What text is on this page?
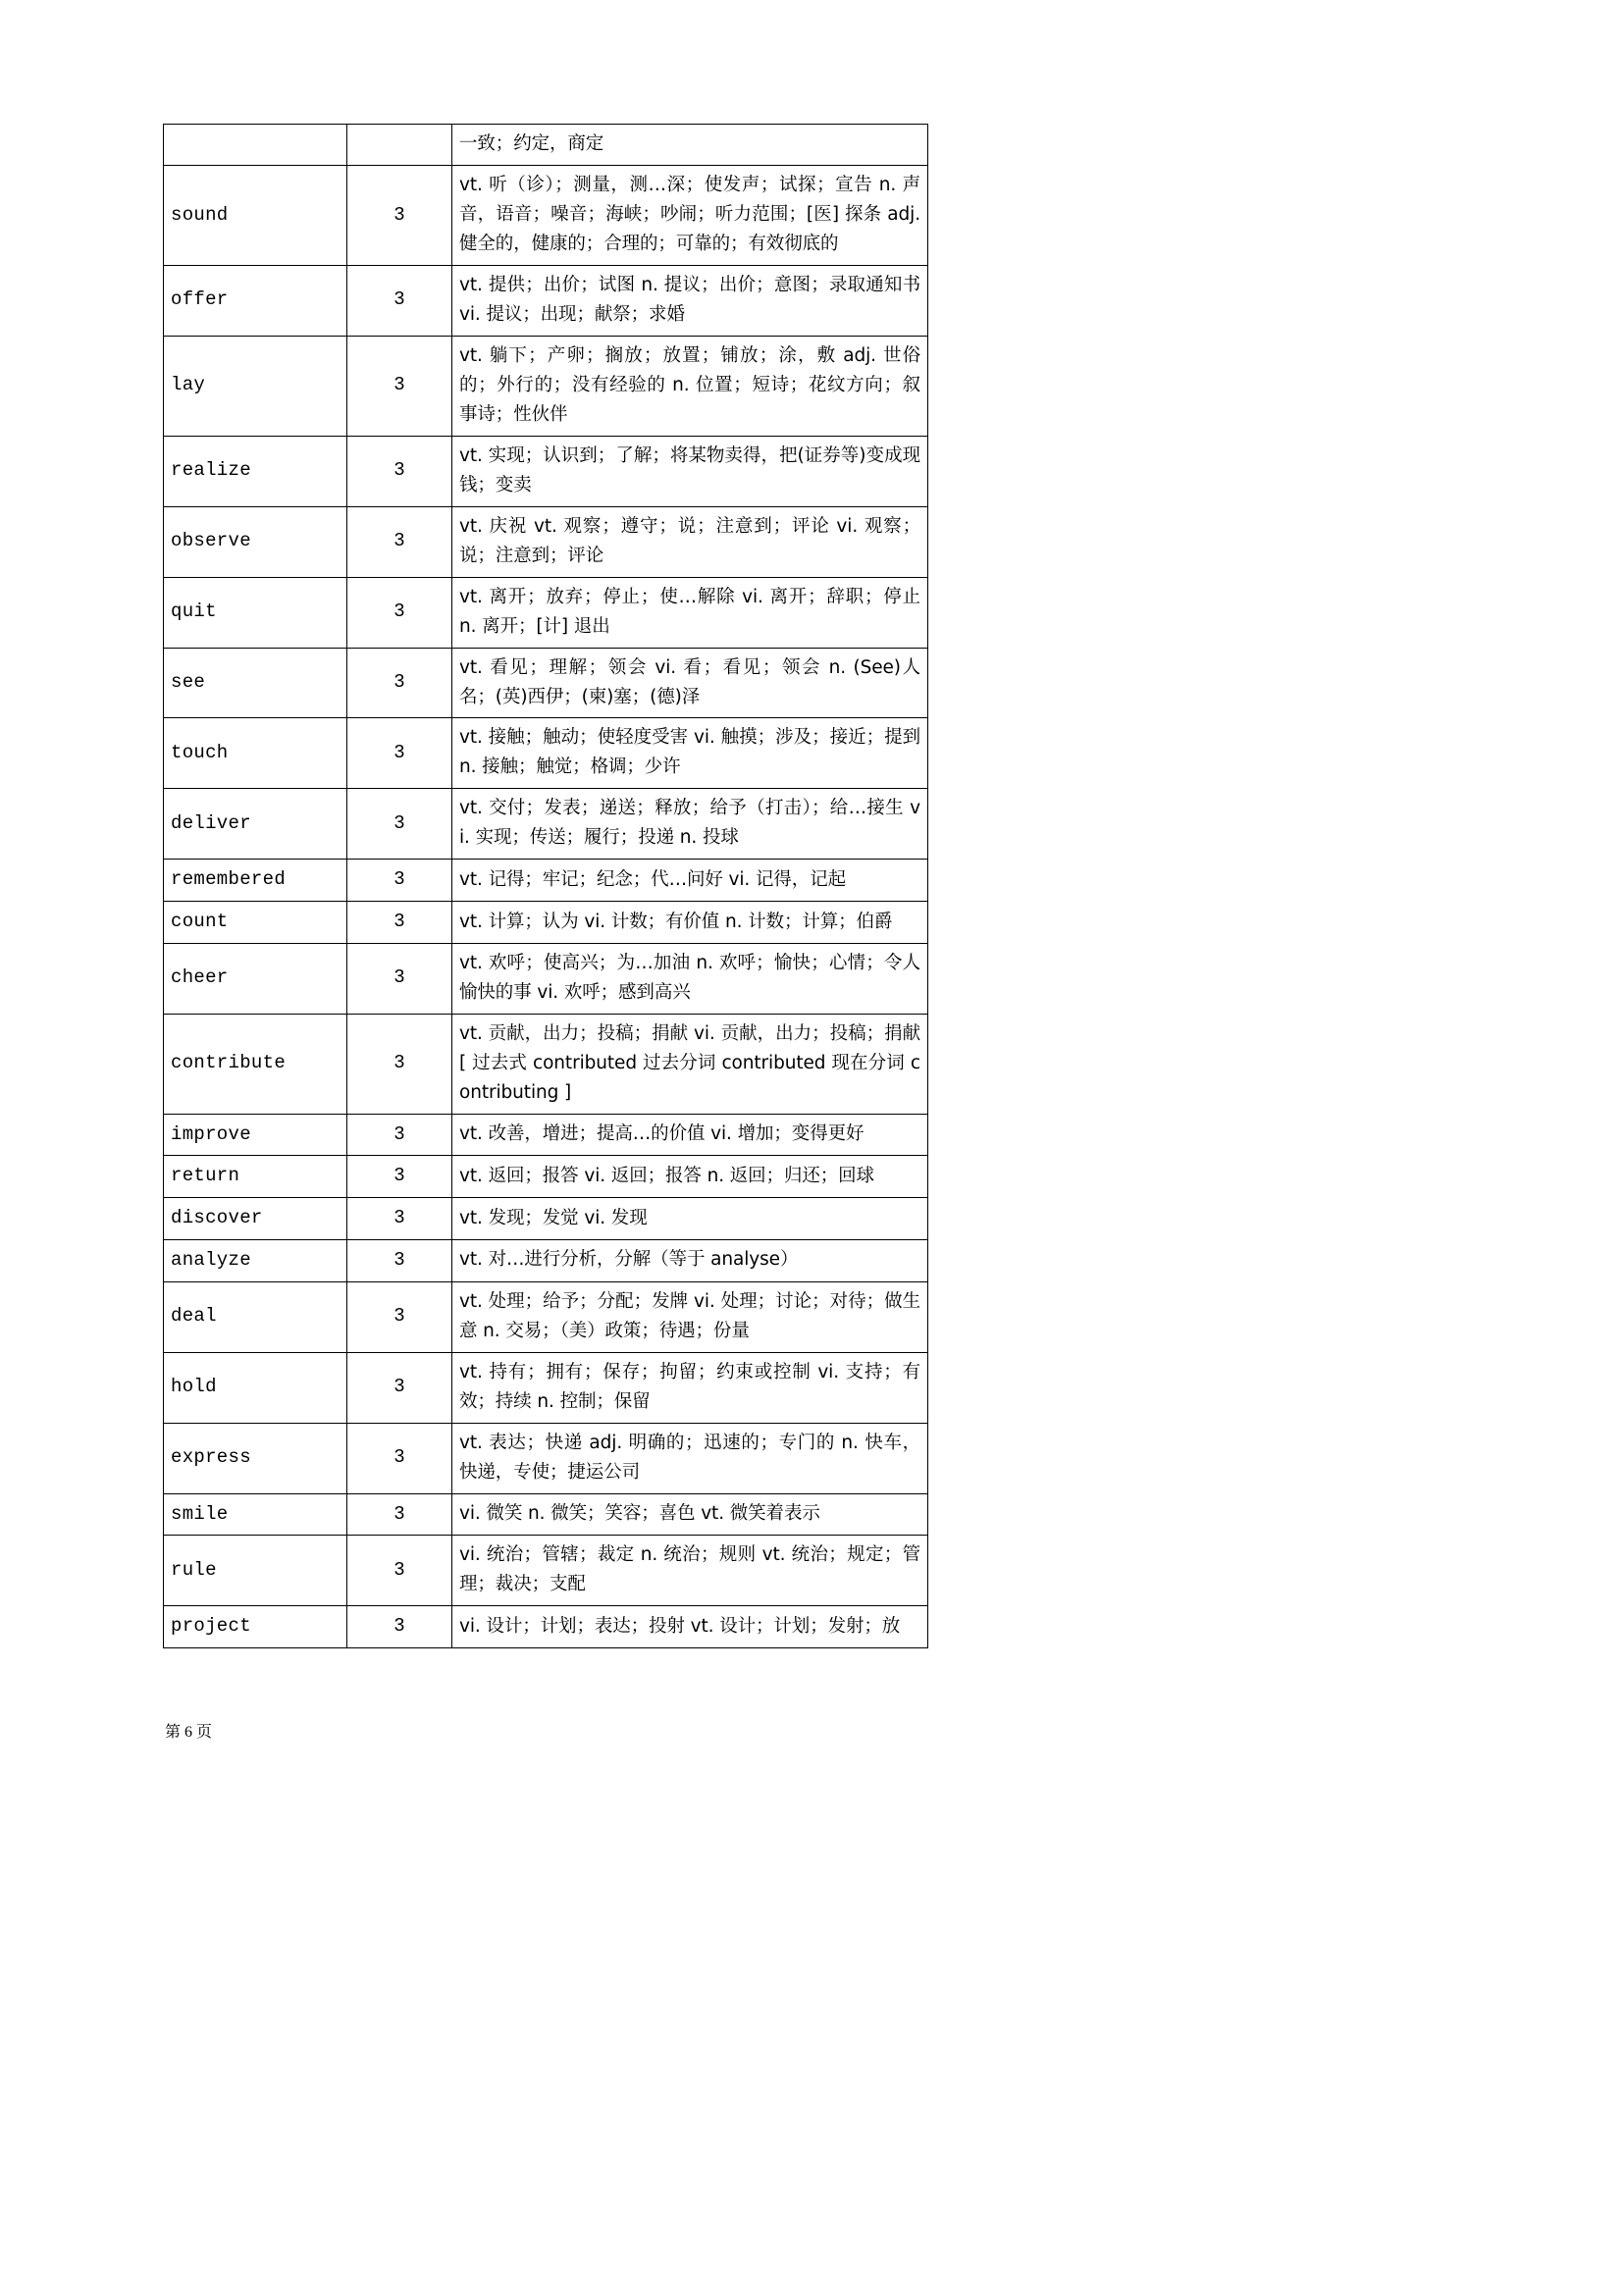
		一致；约定，商定
sound	3	vt. 听（诊）；测量，测…深；使发声；试探；宣告 n. 声音，语音；噪音；海峡；吵闹；听力范围；[医] 探条 adj. 健全的，健康的；合理的；可靠的；有效彻底的
offer	3	vt. 提供；出价；试图 n. 提议；出价；意图；录取通知书 vi. 提议；出现；献祭；求婚
lay	3	vt. 躺下；产卵；搁放；放置；铺放；涂，敷 adj. 世俗的；外行的；没有经验的 n. 位置；短诗；花纹方向；叙事诗；性伙伴
realize	3	vt. 实现；认识到；了解；将某物卖得，把(证券等)变成现钱；变卖
observe	3	vt. 庆祝 vt. 观察；遵守；说；注意到；评论 vi. 观察；说；注意到；评论
quit	3	vt. 离开；放弃；停止；使…解除 vi. 离开；辞职；停止 n. 离开；[计] 退出
see	3	vt. 看见；理解；领会 vi. 看；看见；领会 n. (See)人名；(英)西伊；(柬)塞；(德)泽
touch	3	vt. 接触；触动；使轻度受害 vi. 触摸；涉及；接近；提到 n. 接触；触觉；格调；少许
deliver	3	vt. 交付；发表；递送；释放；给予（打击）；给…接生 vi. 实现；传送；履行；投递 n. 投球
remembered	3	vt. 记得；牢记；纪念；代…问好 vi. 记得，记起
count	3	vt. 计算；认为 vi. 计数；有价值 n. 计数；计算；伯爵
cheer	3	vt. 欢呼；使高兴；为…加油 n. 欢呼；愉快；心情；令人愉快的事 vi. 欢呼；感到高兴
contribute	3	vt. 贡献，出力；投稿；捐献 vi. 贡献，出力；投稿；捐献[ 过去式 contributed 过去分词 contributed 现在分词 contributing ]
improve	3	vt. 改善，增进；提高…的价值 vi. 增加；变得更好
return	3	vt. 返回；报答 vi. 返回；报答 n. 返回；归还；回球
discover	3	vt. 发现；发觉 vi. 发现
analyze	3	vt. 对…进行分析，分解（等于 analyse）
deal	3	vt. 处理；给予；分配；发牌 vi. 处理；讨论；对待；做生意 n. 交易；（美）政策；待遇；份量
hold	3	vt. 持有；拥有；保存；拘留；约束或控制 vi. 支持；有效；持续 n. 控制；保留
express	3	vt. 表达；快递 adj. 明确的；迅速的；专门的 n. 快车，快递，专使；捷运公司
smile	3	vi. 微笑 n. 微笑；笑容；喜色 vt. 微笑着表示
rule	3	vi. 统治；管辖；裁定 n. 统治；规则 vt. 统治；规定；管理；裁决；支配
project	3	vi. 设计；计划；表达；投射 vt. 设计；计划；发射；放
第 6 页
